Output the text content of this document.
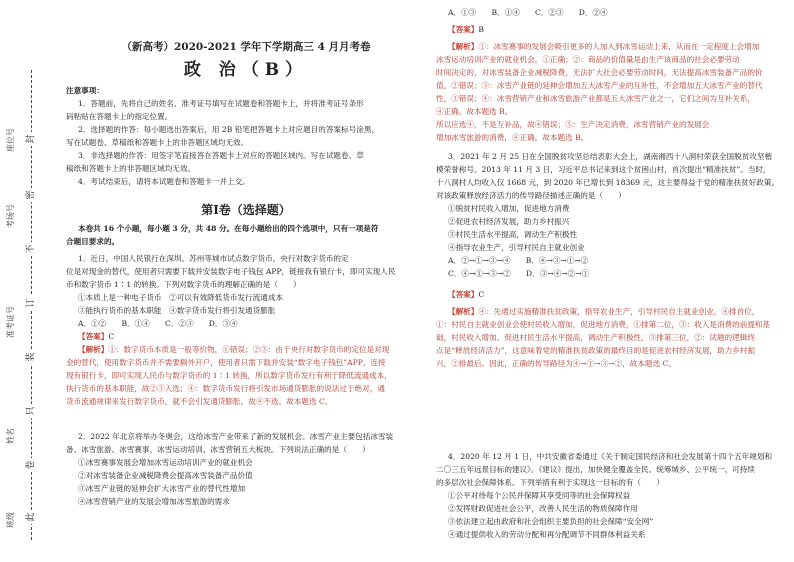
封
密
不
订
装
只
卷
此
座位号
考场号
准考证号
姓名
班级
（新高考）2020-2021 学年下学期高三 4 月月考卷
政 治（B）
注意事项：
1．答题前，先将自己的姓名、准考证号填写在试题卷和答题卡上，并将准考证号条形
码粘贴在答题卡上的指定位置。
2．选择题的作答：每小题选出答案后，用 2B 铅笔把答题卡上对应题目的答案标号涂黑，
写在试题卷、草稿纸和答题卡上的非答题区域均无效。
3．非选择题的作答：用签字笔直接答在答题卡上对应的答题区域内。写在试题卷、草
稿纸和答题卡上的非答题区域均无效。
4．考试结束后，请将本试题卷和答题卡一并上交。
第Ⅰ卷（选择题）
本卷共 16 个小题，每小题 3 分，共 48 分。在每小题给出的四个选项中，只有一项是符
合题目要求的。
1．近日，中国人民银行在深圳、苏州等城市试点数字货币，央行对数字货币的定
位是对现金的替代，使用者只需要下载并安装数字电子钱包 APP，链接我有银行卡，即可实现人民
币和数字货币 1∶1 的转换。下列对数字货币的理解正确的是（　　）
①本质上是一种电子货币　②可以有效降低货币发行流通成本
③能执行货币的基本职能　④数字货币发行将引发通货膨胀
A．①②　　B．①④　　C．②③　　D．③④
【答案】C
【解析】①：数字货币本质是一般等价物，①错误；②③：由于央行对数字货币的定位是对现
金的替代，使用数字货币并不需要额外开户，使用者只需下载并安装“数字电子钱包”APP，连接
现有银行卡，即可实现人民币与数字货币的 1∶1 转换，所以数字货币发行有利于降低流通成本，
执行货币的基本职能，故②③入选；④：数字货币发行将引发市场通货膨胀的说法过于绝对，通
货币流通规律来发行数字货币，就不会引发通货膨胀，故④不选。故本题选 C。
2．2022 年北京将举办冬奥会，这给冰雪产业带来了新的发展机会。冰雪产业主要包括冰雪装
备、冰雪旅游、冰雪赛事、冰雪运动培训、冰雪营销五大板块。下列说法正确的是（　　）
①冰雪赛事发展会增加冰雪运动培训产业的就业机会
②对冰雪装备企业减税降费会提高冰雪装备产品价值
③冰雪产业链的延伸会扩大冰雪产业的替代性增加
④冰雪营销产业的发展会增加冰雪旅游的需求
A．①③　　B．①④　　C．②③　　D．②④
【答案】B
【解析】①：冰雪赛事的发展会吸引更多的人加入到冰雪运动上来，从而在一定程度上会增加
冰雪运动培训产业的就业机会，①正确；②：商品的价值量是由生产该商品的社会必要劳动
时间决定的，对冰雪装备企业减税降费，无法扩大社会必要劳动时间，无法提高冰雪装备产品的价
值，②错误；③：冰雪产业链的延伸会增加五大冰雪产业的互补性，不会增加五大冰雪产业的替代
性，③错误；④：冰雪营销产业和冰雪旅游产业都是五大冰雪产业之一，它们之间为互补关系，
④正确。故本题选 B。
所以应选④，不是互补品，故④错误；⑤：生产决定消费，冰雪营销产业的发展会
增加冰雪旅游的消费，④正确。故本题选 B。
3．2021 年 2 月 25 日在全国脱贫攻坚总结表彰大会上，湖南湘西十八洞村荣获全国脱贫攻坚楷
模荣誉称号。2013 年 11 月 3 日，习近平总书记来到这个贫困山村，首次提出“精准扶贫”。当时，
十八洞村人均收入仅 1668 元，到 2020 年已增长到 18369 元，这主要得益于党的精准扶贫好政策。
对该政策释放经济活力的传导路径描述正确的是（　　）
①脱贫村民收入增加，促进地方消费
②促进农村经济发展，助力乡村振兴
③村民生活水平提高，调动生产积极性
④指导农业生产，引导村民自主就业创业
A．②→①→③→④　　B．④→③→①→②
C．④→①→③→②　　D．③→④→②→①
【答案】C
【解析】④：先通过实施精准扶贫政策，指导农业生产，引导村民自主就业创业，④排首位，
①：村民自主就业创业会使村民收入增加，促进地方消费，①排第二位，③：收入是消费的前提和基
础，村民收入增加，促进村民生活水平提高，调动生产积极性，③排第三位，②：试题的逻辑终
点是“释放经济活力”，这意味着党的精准扶贫政策的最终目的是促进农村经济发展，助力乡村振
兴，②排最后。因此，正确的传导路径为④→①→③→②，故本题选 C。
4．2020 年 12 月 1 日，中共安徽省委通过《关于制定国民经济和社会发展第十四个五年规划和
二〇三五年远景目标的建议》。《建议》提出，加快健全覆盖全民、统筹城乡、公平统一、可持续
的多层次社会保障体系。下列举措有利于实现这一目标的有（　　）
①公平对待每个公民并保障其享受同等的社会保障权益
②发挥财政促进社会公平，改善人民生活的物质保障作用
③依法建立起由政府和社会组织主要负担的社会保障“安全网”
④通过提供收入的劳动分配和再分配调节不同群体利益关系
